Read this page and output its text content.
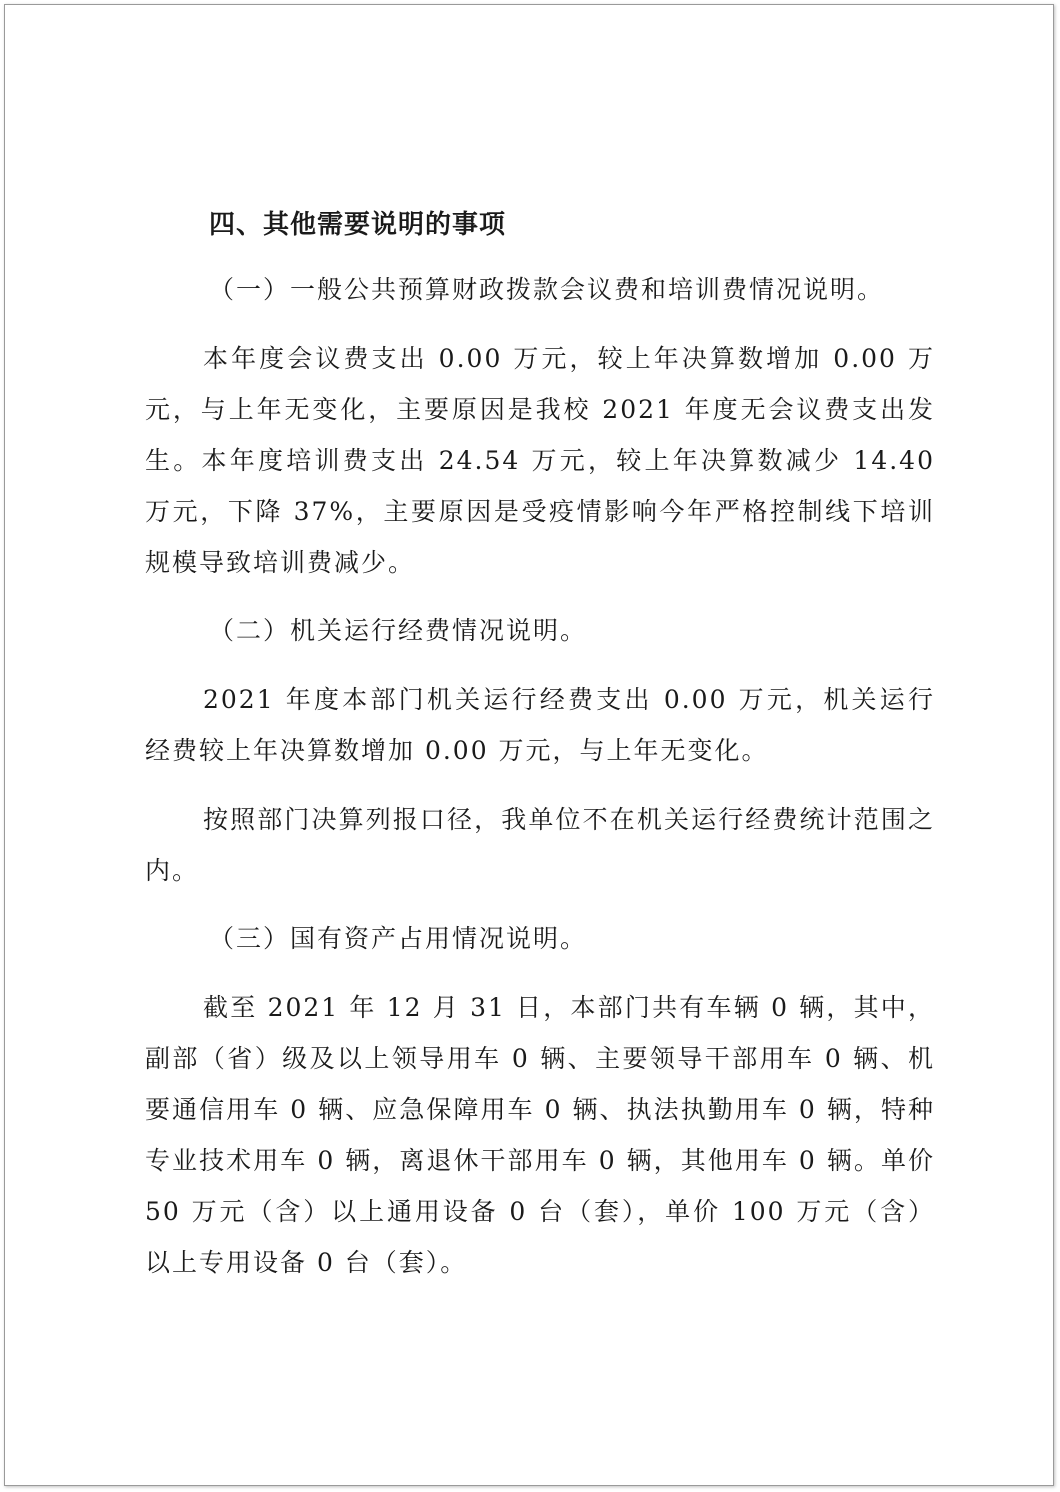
四、其他需要说明的事项
（一）一般公共预算财政拨款会议费和培训费情况说明。
本年度会议费支出 0.00 万元，较上年决算数增加 0.00 万元，与上年无变化，主要原因是我校 2021 年度无会议费支出发生。本年度培训费支出 24.54 万元，较上年决算数减少 14.40 万元，下降 37%，主要原因是受疫情影响今年严格控制线下培训规模导致培训费减少。
（二）机关运行经费情况说明。
2021 年度本部门机关运行经费支出 0.00 万元，机关运行经费较上年决算数增加 0.00 万元，与上年无变化。
按照部门决算列报口径，我单位不在机关运行经费统计范围之内。
（三）国有资产占用情况说明。
截至 2021 年 12 月 31 日，本部门共有车辆 0 辆，其中，副部（省）级及以上领导用车 0 辆、主要领导干部用车 0 辆、机要通信用车 0 辆、应急保障用车 0 辆、执法执勤用车 0 辆，特种专业技术用车 0 辆，离退休干部用车 0 辆，其他用车 0 辆。单价 50 万元（含）以上通用设备 0 台（套），单价 100 万元（含）以上专用设备 0 台（套）。
